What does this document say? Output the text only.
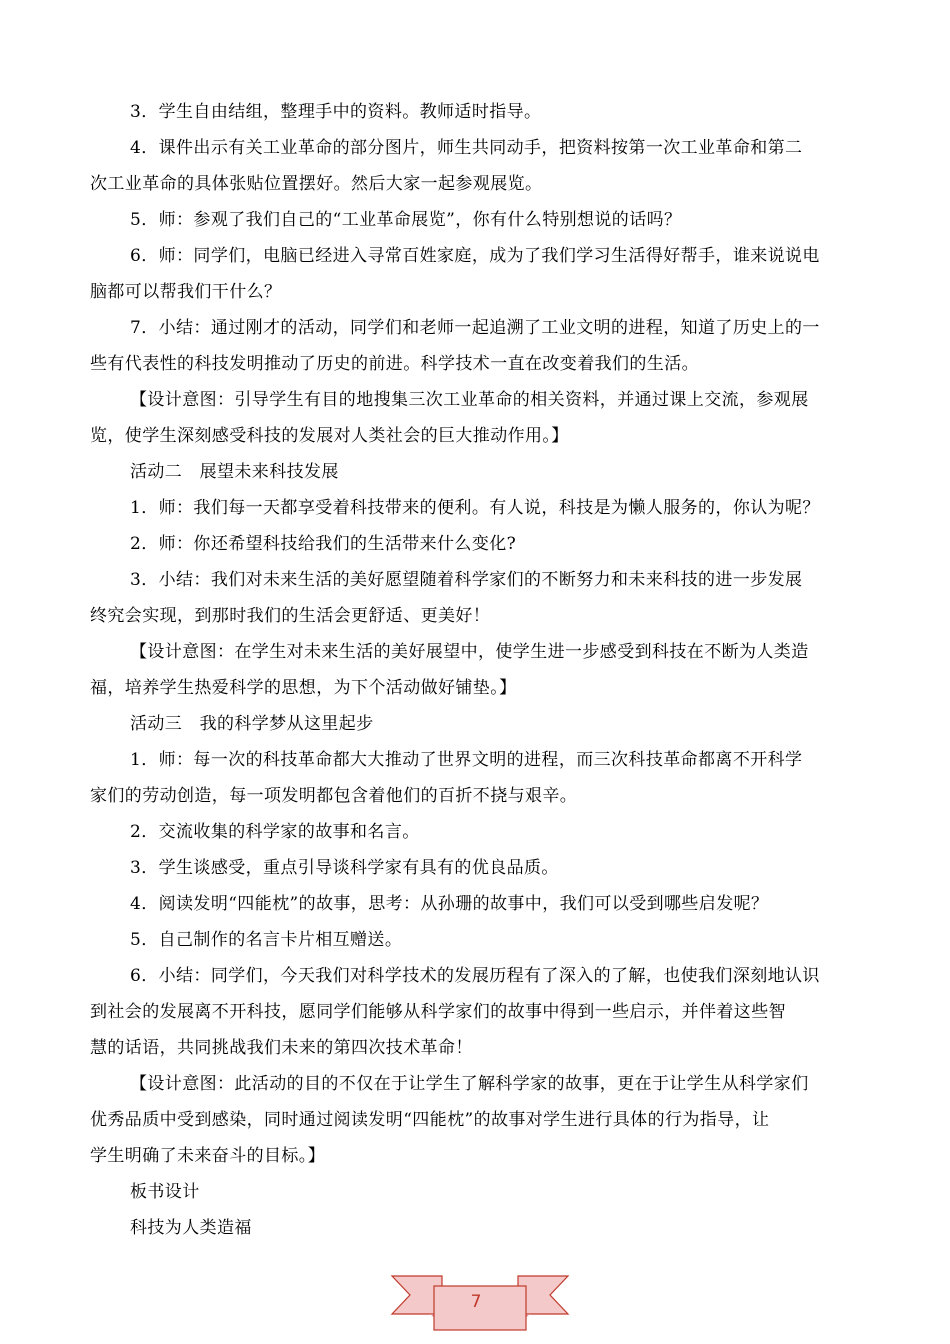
3．学生自由结组，整理手中的资料。教师适时指导。
4．课件出示有关工业革命的部分图片，师生共同动手，把资料按第一次工业革命和第二
次工业革命的具体张贴位置摆好。然后大家一起参观展览。
5．师：参观了我们自己的“工业革命展览”，你有什么特别想说的话吗？
6．师：同学们，电脑已经进入寻常百姓家庭，成为了我们学习生活得好帮手，谁来说说电
脑都可以帮我们干什么？
7．小结：通过刚才的活动，同学们和老师一起追溯了工业文明的进程，知道了历史上的一
些有代表性的科技发明推动了历史的前进。科学技术一直在改变着我们的生活。
【设计意图：引导学生有目的地搜集三次工业革命的相关资料，并通过课上交流，参观展
览，使学生深刻感受科技的发展对人类社会的巨大推动作用。】
活动二　展望未来科技发展
1．师：我们每一天都享受着科技带来的便利。有人说，科技是为懒人服务的，你认为呢？
2．师：你还希望科技给我们的生活带来什么变化?
3．小结：我们对未来生活的美好愿望随着科学家们的不断努力和未来科技的进一步发展
终究会实现，到那时我们的生活会更舒适、更美好！
【设计意图：在学生对未来生活的美好展望中，使学生进一步感受到科技在不断为人类造
福，培养学生热爱科学的思想，为下个活动做好铺垫。】
活动三　我的科学梦从这里起步
1．师：每一次的科技革命都大大推动了世界文明的进程，而三次科技革命都离不开科学
家们的劳动创造，每一项发明都包含着他们的百折不挠与艰辛。
2．交流收集的科学家的故事和名言。
3．学生谈感受，重点引导谈科学家有具有的优良品质。
4．阅读发明“四能枕”的故事，思考：从孙珊的故事中，我们可以受到哪些启发呢？
5．自己制作的名言卡片相互赠送。
6．小结：同学们，今天我们对科学技术的发展历程有了深入的了解，也使我们深刻地认识
到社会的发展离不开科技，愿同学们能够从科学家们的故事中得到一些启示，并伴着这些智
慧的话语，共同挑战我们未来的第四次技术革命！
【设计意图：此活动的目的不仅在于让学生了解科学家的故事，更在于让学生从科学家们
优秀品质中受到感染，同时通过阅读发明“四能枕”的故事对学生进行具体的行为指导，让
学生明确了未来奋斗的目标。】
板书设计
科技为人类造福
7
